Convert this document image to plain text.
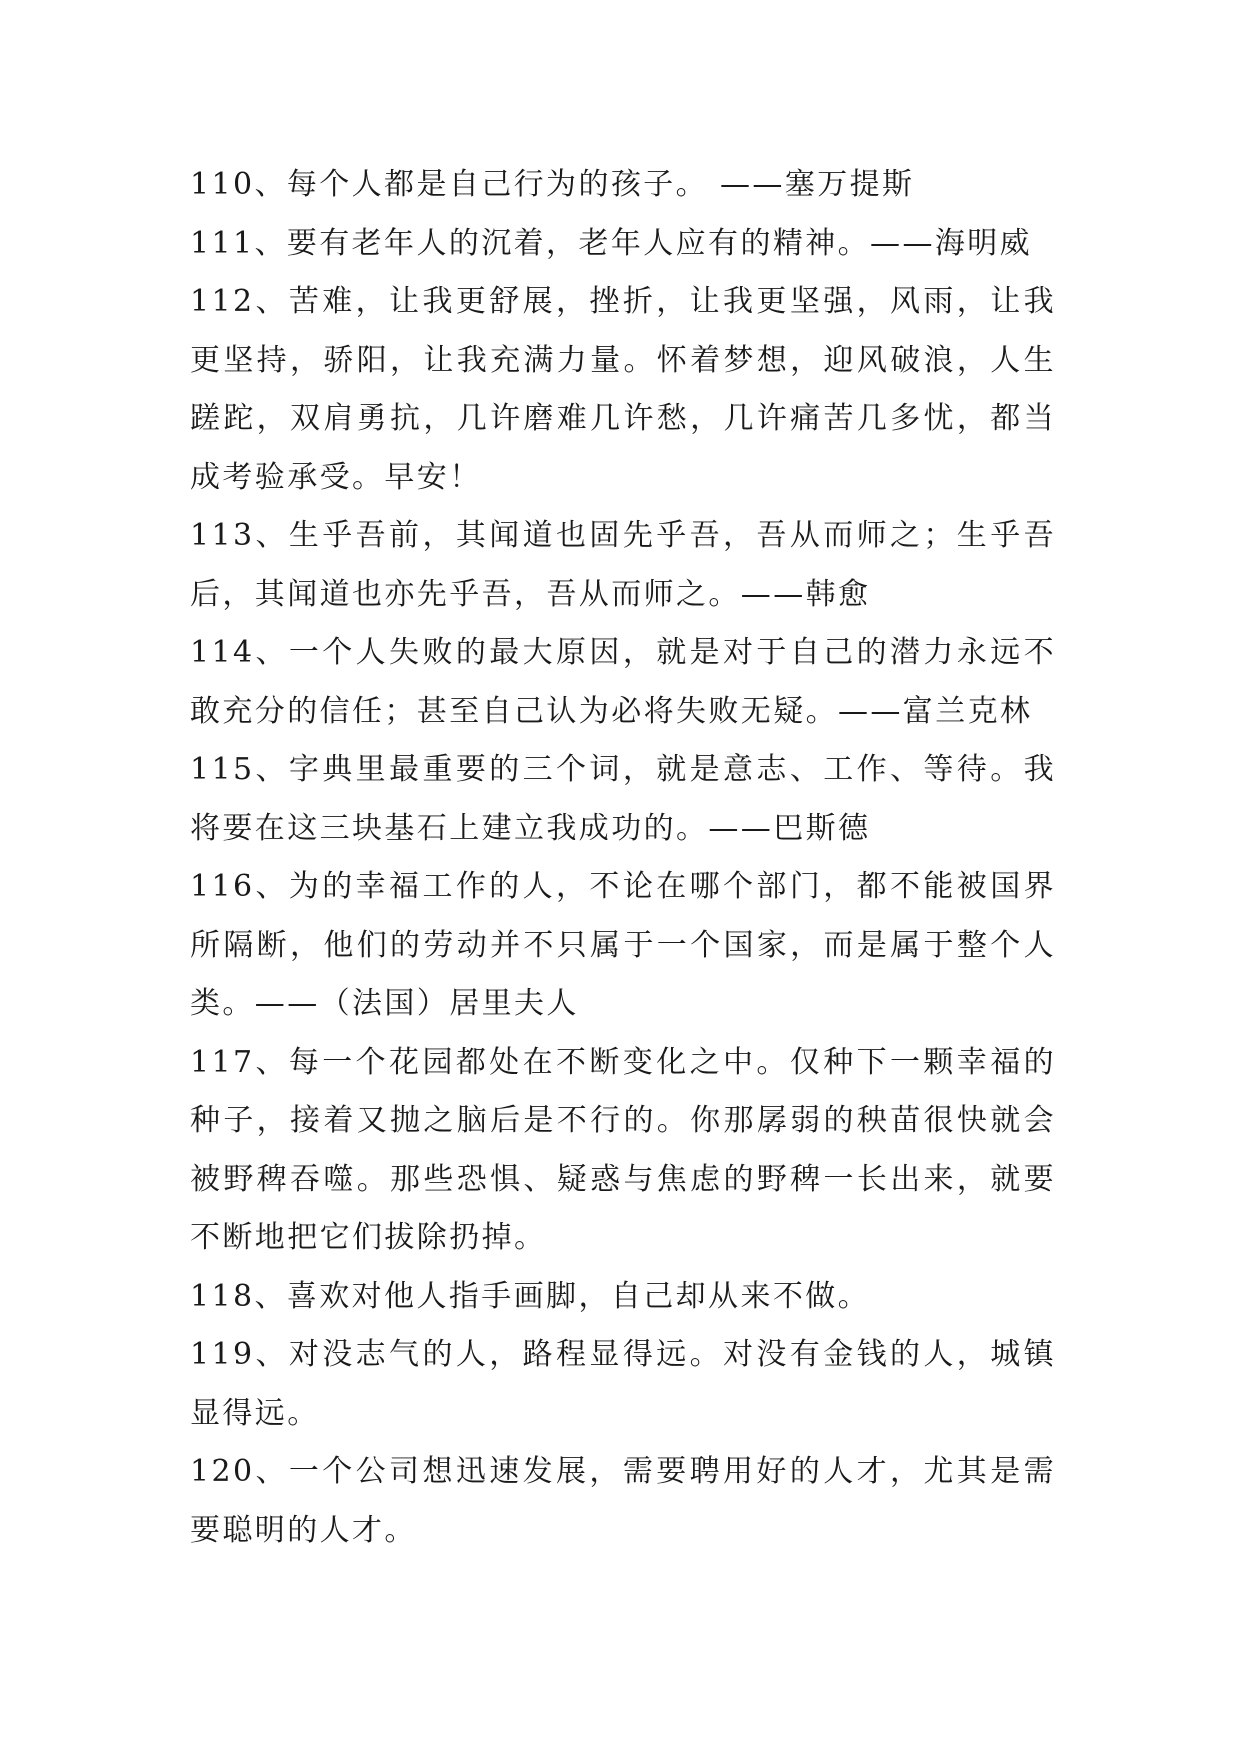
110、每个人都是自己行为的孩子。 ——塞万提斯

111、要有老年人的沉着，老年人应有的精神。——海明威

112、苦难，让我更舒展，挫折，让我更坚强，风雨，让我更坚持，骄阳，让我充满力量。怀着梦想，迎风破浪，人生蹉跎，双肩勇抗，几许磨难几许愁，几许痛苦几多忧，都当成考验承受。早安！

113、生乎吾前，其闻道也固先乎吾，吾从而师之；生乎吾后，其闻道也亦先乎吾，吾从而师之。——韩愈

114、一个人失败的最大原因，就是对于自己的潜力永远不敢充分的信任；甚至自己认为必将失败无疑。——富兰克林

115、字典里最重要的三个词，就是意志、工作、等待。我将要在这三块基石上建立我成功的。——巴斯德

116、为的幸福工作的人，不论在哪个部门，都不能被国界所隔断，他们的劳动并不只属于一个国家，而是属于整个人类。——（法国）居里夫人

117、每一个花园都处在不断变化之中。仅种下一颗幸福的种子，接着又抛之脑后是不行的。你那孱弱的秧苗很快就会被野稗吞噬。那些恐惧、疑惑与焦虑的野稗一长出来，就要不断地把它们拔除扔掉。

118、喜欢对他人指手画脚，自己却从来不做。

119、对没志气的人，路程显得远。对没有金钱的人，城镇显得远。

120、一个公司想迅速发展，需要聘用好的人才，尤其是需要聪明的人才。
